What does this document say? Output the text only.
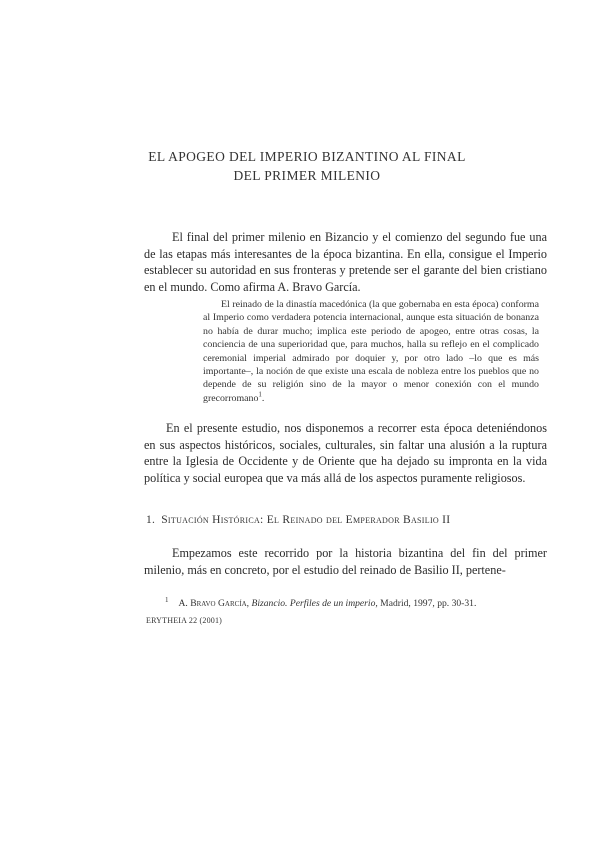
EL APOGEO DEL IMPERIO BIZANTINO AL FINAL
DEL PRIMER MILENIO

El final del primer milenio en Bizancio y el comienzo del segundo fue una de las etapas más interesantes de la época bizantina. En ella, consigue el Imperio establecer su autoridad en sus fronteras y pretende ser el garante del bien cristiano en el mundo. Como afirma A. Bravo García.

El reinado de la dinastía macedónica (la que gobernaba en esta época) conforma al Imperio como verdadera potencia internacional, aunque esta situación de bonanza no había de durar mucho; implica este periodo de apogeo, entre otras cosas, la conciencia de una superioridad que, para muchos, halla su reflejo en el complicado ceremonial imperial admirado por doquier y, por otro lado –lo que es más importante–, la noción de que existe una escala de nobleza entre los pueblos que no depende de su religión sino de la mayor o menor conexión con el mundo grecorromano$^1$.

En el presente estudio, nos disponemos a recorrer esta época deteniéndonos en sus aspectos históricos, sociales, culturales, sin faltar una alusión a la ruptura entre la Iglesia de Occidente y de Oriente que ha dejado su impronta en la vida política y social europea que va más allá de los aspectos puramente religiosos.

1. Situación Histórica: El Reinado del Emperador Basilio II

Empezamos este recorrido por la historia bizantina del fin del primer milenio, más en concreto, por el estudio del reinado de Basilio II, pertene-

$^1$ A. Bravo García, Bizancio. Perfiles de un imperio, Madrid, 1997, pp. 30-31.
ERYTHEIA 22 (2001)
